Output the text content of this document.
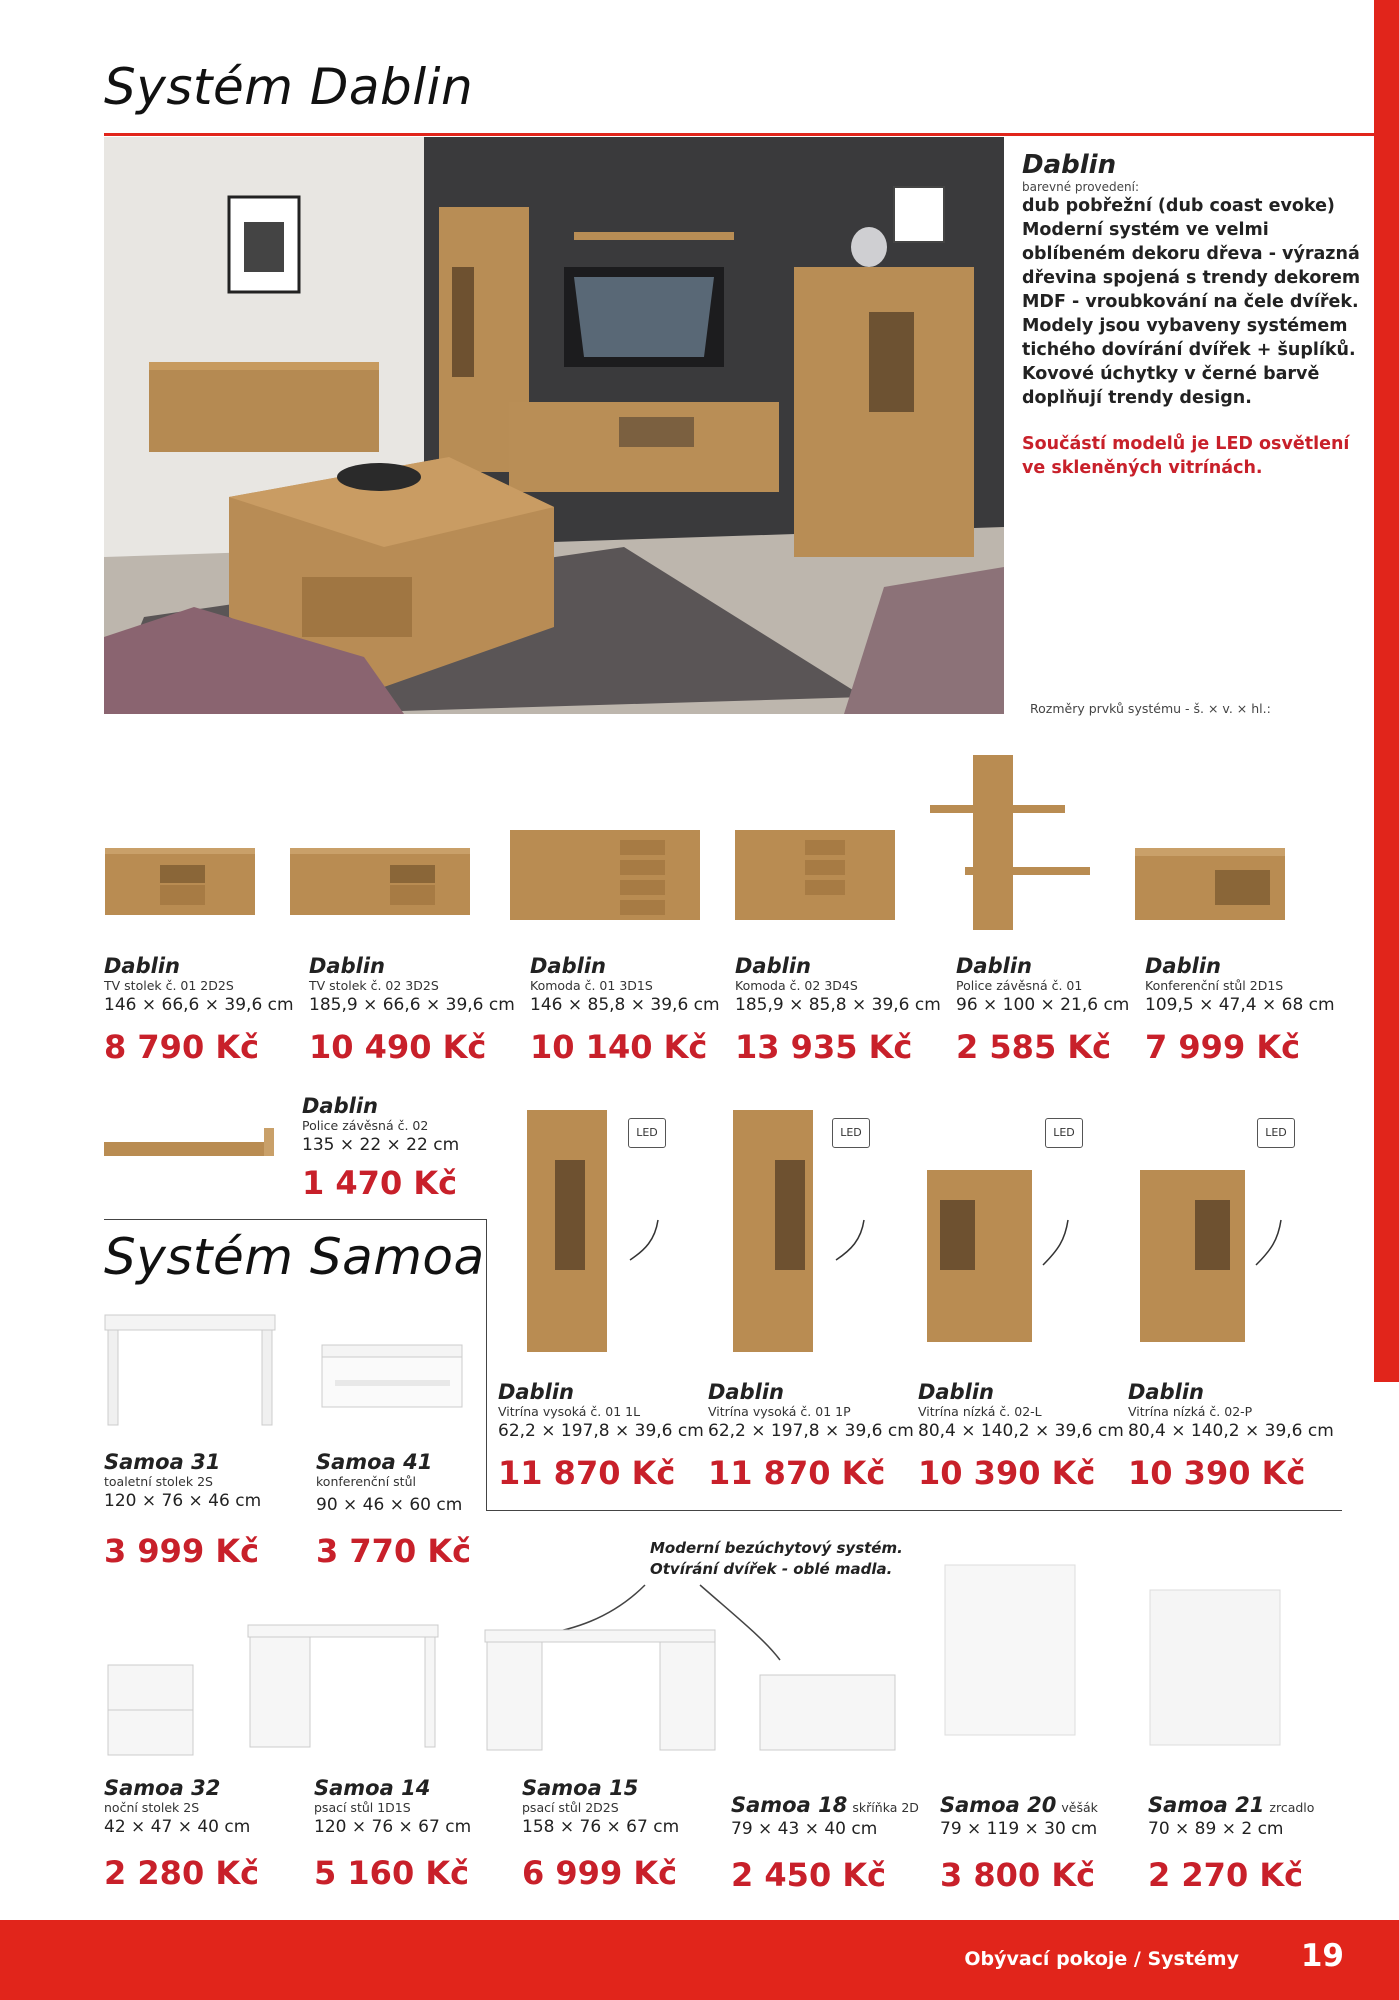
Systém Dablin
Dablin
barevné provedení:
dub pobřežní (dub coast evoke)
Moderní systém ve velmi
oblíbeném dekoru dřeva - výrazná
dřevina spojená s trendy dekorem
MDF - vroubkování na čele dvířek.
Modely jsou vybaveny systémem
tichého dovírání dvířek + šuplíků.
Kovové úchytky v černé barvě
doplňují trendy design.
Součástí modelů je LED osvětlení
ve skleněných vitrínách.
Rozměry prvků systému - š. × v. × hl.:
Dablin
TV stolek č. 01 2D2S
146 × 66,6 × 39,6 cm
8 790 Kč
Dablin
TV stolek č. 02 3D2S
185,9 × 66,6 × 39,6 cm
10 490 Kč
Dablin
Komoda č. 01 3D1S
146 × 85,8 × 39,6 cm
10 140 Kč
Dablin
Komoda č. 02 3D4S
185,9 × 85,8 × 39,6 cm
13 935 Kč
Dablin
Police závěsná č. 01
96 × 100 × 21,6 cm
2 585 Kč
Dablin
Konferenční stůl 2D1S
109,5 × 47,4 × 68 cm
7 999 Kč
Dablin
Police závěsná č. 02
135 × 22 × 22 cm
1 470 Kč
Systém Samoa
LED	LED	LED	LED
Dablin
Vitrína vysoká č. 01 1L
62,2 × 197,8 × 39,6 cm
11 870 Kč
Dablin
Vitrína vysoká č. 01 1P
62,2 × 197,8 × 39,6 cm
11 870 Kč
Dablin
Vitrína nízká č. 02-L
80,4 × 140,2 × 39,6 cm
10 390 Kč
Dablin
Vitrína nízká č. 02-P
80,4 × 140,2 × 39,6 cm
10 390 Kč
Samoa 31
toaletní stolek 2S
120 × 76 × 46 cm
3 999 Kč
Samoa 41
konferenční stůl
90 × 46 × 60 cm
3 770 Kč	Moderní bezúchytový systém.
Otvírání dvířek - oblé madla.
Samoa 32
noční stolek 2S
42 × 47 × 40 cm
2 280 Kč
Samoa 14
psací stůl 1D1S
120 × 76 × 67 cm
5 160 Kč
Samoa 15
psací stůl 2D2S
158 × 76 × 67 cm
6 999 Kč
Samoa 18 skříňka 2D
79 × 43 × 40 cm
2 450 Kč
Samoa 20 věšák
79 × 119 × 30 cm
3 800 Kč
Samoa 21 zrcadlo
70 × 89 × 2 cm
2 270 Kč
Obývací pokoje / Systémy 19
